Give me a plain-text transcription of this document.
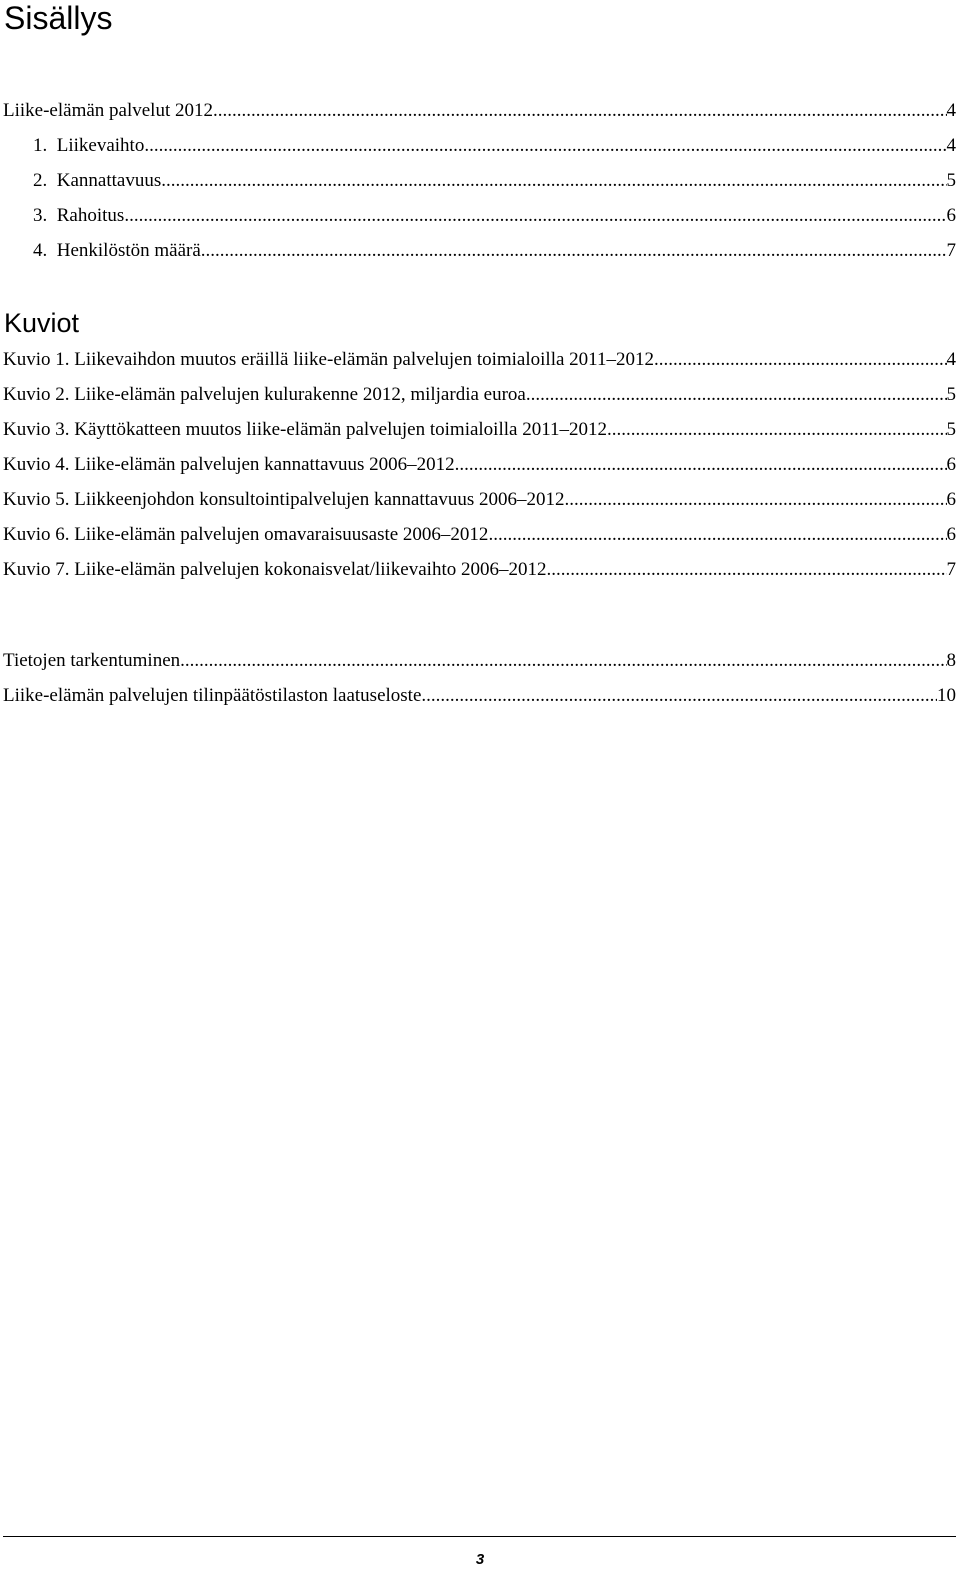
Sisällys
Liike-elämän palvelut 2012 .....	4
1.  Liikevaihto .....	4
2.  Kannattavuus .....	5
3.  Rahoitus .....	6
4.  Henkilöstön määrä .....	7
Kuviot
Kuvio 1. Liikevaihdon muutos eräillä liike-elämän palvelujen toimialoilla 2011–2012 .....	4
Kuvio 2. Liike-elämän palvelujen kulurakenne 2012, miljardia euroa .....	5
Kuvio 3. Käyttökatteen muutos liike-elämän palvelujen toimialoilla 2011–2012 .....	5
Kuvio 4. Liike-elämän palvelujen kannattavuus 2006–2012 .....	6
Kuvio 5. Liikkeenjohdon konsultointipalvelujen kannattavuus 2006–2012 .....	6
Kuvio 6. Liike-elämän palvelujen omavaraisuusaste 2006–2012 .....	6
Kuvio 7. Liike-elämän palvelujen kokonaisvelat/liikevaihto 2006–2012 .....	7
Tietojen tarkentuminen .....	8
Liike-elämän palvelujen tilinpäätöstilaston laatuseloste .....	10
3
